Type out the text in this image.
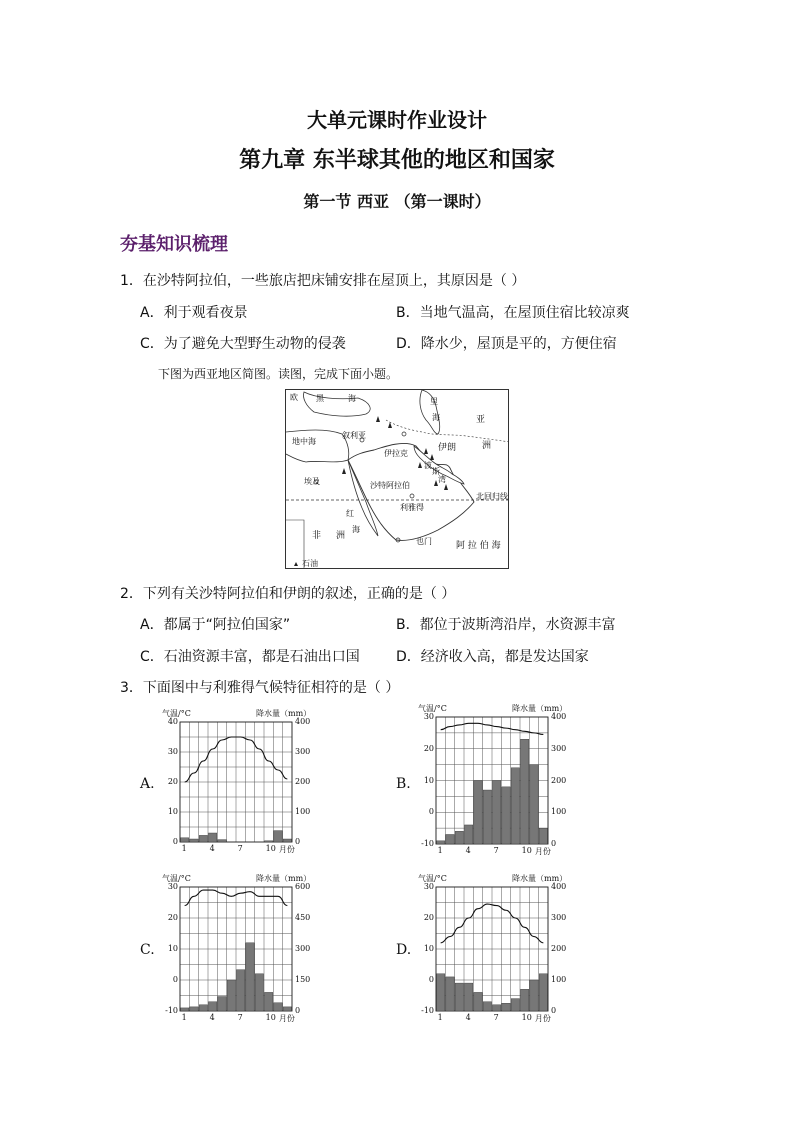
大单元课时作业设计
第九章 东半球其他的地区和国家
第一节 西亚 （第一课时）
夯基知识梳理
1．在沙特阿拉伯，一些旅店把床铺安排在屋顶上，其原因是（ ）
A．利于观看夜景	B．当地气温高，在屋顶住宿比较凉爽
C．为了避免大型野生动物的侵袭	D．降水少，屋顶是平的，方便住宿
下图为西亚地区简图。读图，完成下面小题。
欧 黑	海	里
海
地中海
叙利亚
伊拉克
伊朗
亚
洲
埃及	沙特阿拉伯
利雅得
北回归线
非 洲
红
海
也门	阿 拉 伯 海
石油
波
斯
湾
2．下列有关沙特阿拉伯和伊朗的叙述，正确的是（ ）
A．都属于“阿拉伯国家”	B．都位于波斯湾沿岸，水资源丰富
C．石油资源丰富，都是石油出口国	D．经济收入高，都是发达国家
3．下面图中与利雅得气候特征相符的是（ ）
A.	B.
C.	D.
气温/°C	降水量（mm）
40
30
20
10
0
400
300
200
100
0
1	4	7	10 月份
气温/°C	降水量（mm）
30
20
10
0
-10
400
300
200
100
0
1	4	7	10 月份
气温/°C	降水量（mm）
30
20
10
0
-10
600
450
300
150
0
1	4	7	10 月份
气温/°C	降水量（mm）
30
20
10
0
-10
400
300
200
100
0
1	4	7	10 月份
